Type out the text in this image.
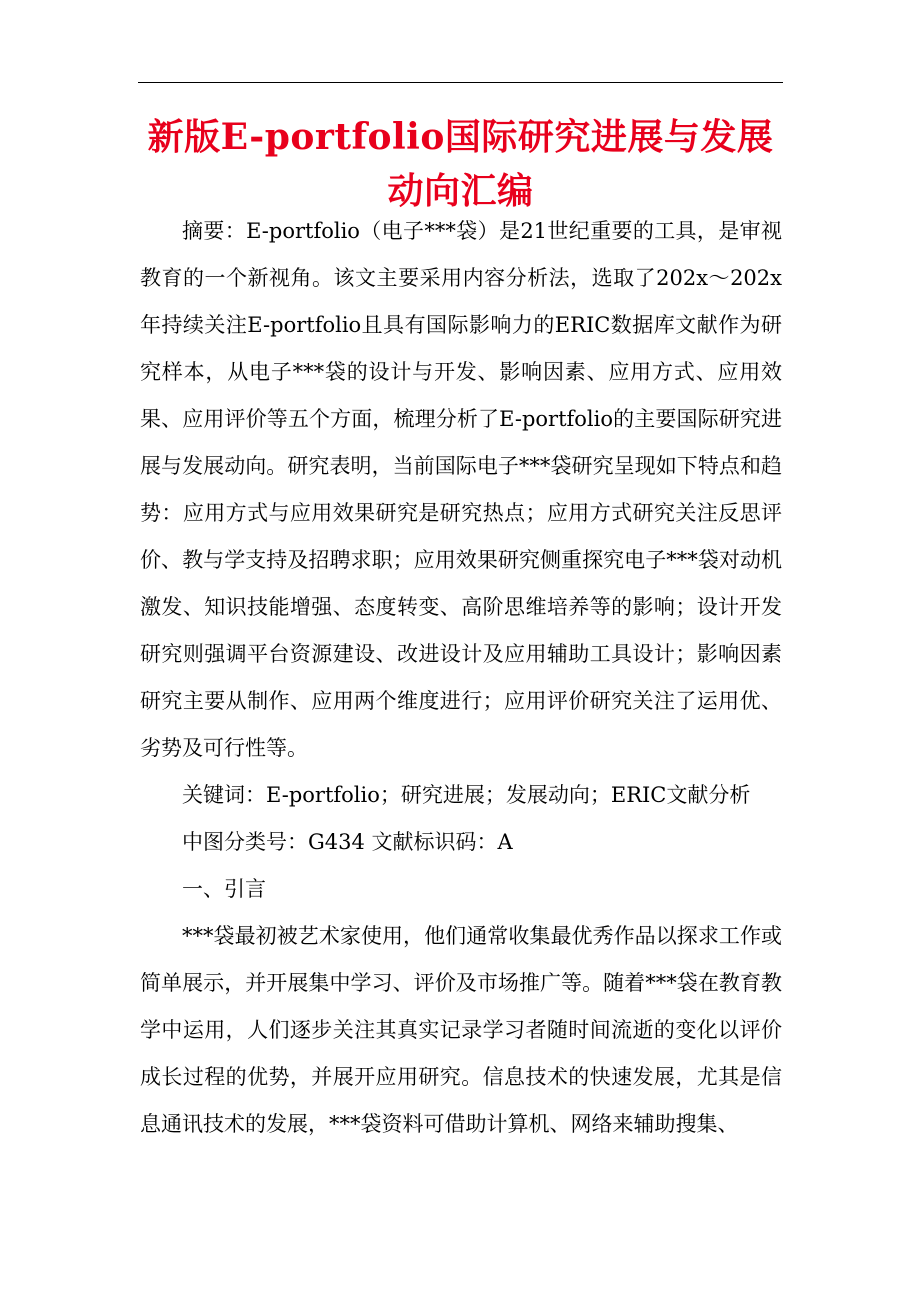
新版E-portfolio国际研究进展与发展动向汇编

摘要：E-portfolio（电子***袋）是21世纪重要的工具，是审视教育的一个新视角。该文主要采用内容分析法，选取了202x～202x年持续关注E-portfolio且具有国际影响力的ERIC数据库文献作为研究样本，从电子***袋的设计与开发、影响因素、应用方式、应用效果、应用评价等五个方面，梳理分析了E-portfolio的主要国际研究进展与发展动向。研究表明，当前国际电子***袋研究呈现如下特点和趋势：应用方式与应用效果研究是研究热点；应用方式研究关注反思评价、教与学支持及招聘求职；应用效果研究侧重探究电子***袋对动机激发、知识技能增强、态度转变、高阶思维培养等的影响；设计开发研究则强调平台资源建设、改进设计及应用辅助工具设计；影响因素研究主要从制作、应用两个维度进行；应用评价研究关注了运用优、劣势及可行性等。

关键词：E-portfolio；研究进展；发展动向；ERIC文献分析

中图分类号：G434 文献标识码：A

一、引言

***袋最初被艺术家使用，他们通常收集最优秀作品以探求工作或简单展示，并开展集中学习、评价及市场推广等。随着***袋在教育教学中运用，人们逐步关注其真实记录学习者随时间流逝的变化以评价成长过程的优势，并展开应用研究。信息技术的快速发展，尤其是信息通讯技术的发展，***袋资料可借助计算机、网络来辅助搜集、
